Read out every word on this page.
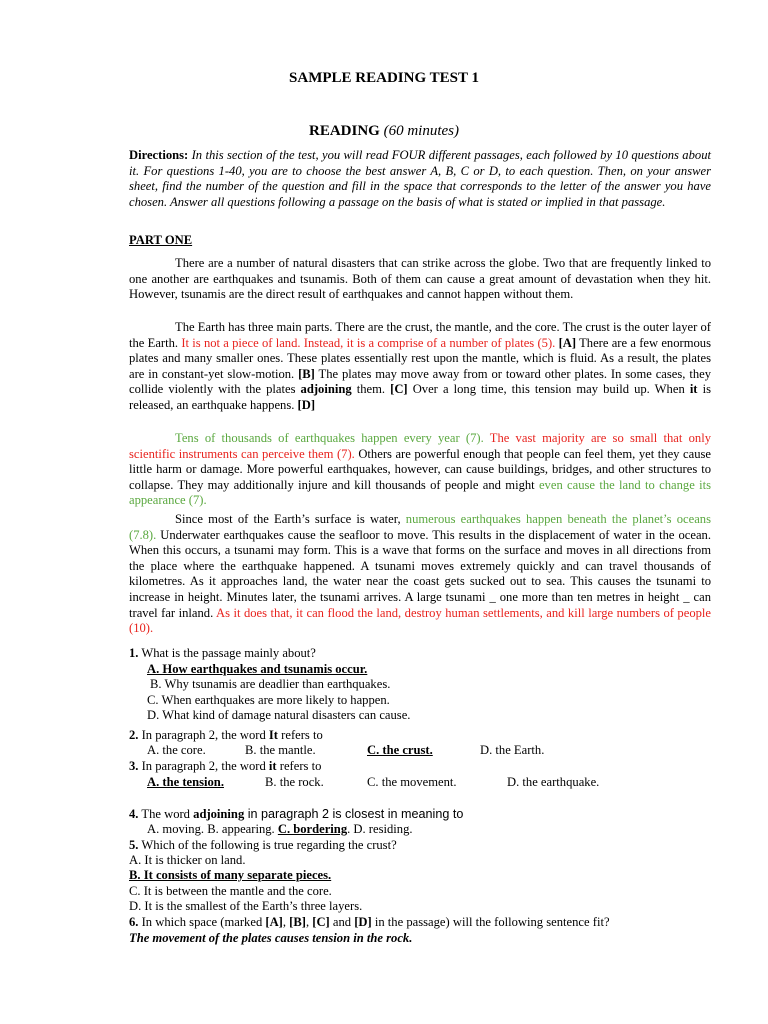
SAMPLE READING TEST 1
READING (60 minutes)
Directions: In this section of the test, you will read FOUR different passages, each followed by 10 questions about it. For questions 1-40, you are to choose the best answer A, B, C or D, to each question. Then, on your answer sheet, find the number of the question and fill in the space that corresponds to the letter of the answer you have chosen. Answer all questions following a passage on the basis of what is stated or implied in that passage.
PART ONE
There are a number of natural disasters that can strike across the globe. Two that are frequently linked to one another are earthquakes and tsunamis. Both of them can cause a great amount of devastation when they hit. However, tsunamis are the direct result of earthquakes and cannot happen without them.
The Earth has three main parts. There are the crust, the mantle, and the core. The crust is the outer layer of the Earth. It is not a piece of land. Instead, it is a comprise of a number of plates (5). [A] There are a few enormous plates and many smaller ones. These plates essentially rest upon the mantle, which is fluid. As a result, the plates are in constant-yet slow-motion. [B] The plates may move away from or toward other plates. In some cases, they collide violently with the plates adjoining them. [C] Over a long time, this tension may build up. When it is released, an earthquake happens. [D]
Tens of thousands of earthquakes happen every year (7). The vast majority are so small that only scientific instruments can perceive them (7). Others are powerful enough that people can feel them, yet they cause little harm or damage. More powerful earthquakes, however, can cause buildings, bridges, and other structures to collapse. They may additionally injure and kill thousands of people and might even cause the land to change its appearance (7).
Since most of the Earth’s surface is water, numerous earthquakes happen beneath the planet’s oceans (7.8). Underwater earthquakes cause the seafloor to move. This results in the displacement of water in the ocean. When this occurs, a tsunami may form. This is a wave that forms on the surface and moves in all directions from the place where the earthquake happened. A tsunami moves extremely quickly and can travel thousands of kilometres. As it approaches land, the water near the coast gets sucked out to sea. This causes the tsunami to increase in height. Minutes later, the tsunami arrives. A large tsunami _ one more than ten metres in height _ can travel far inland. As it does that, it can flood the land, destroy human settlements, and kill large numbers of people (10).
1. What is the passage mainly about?
A. How earthquakes and tsunamis occur.
B. Why tsunamis are deadlier than earthquakes.
C. When earthquakes are more likely to happen.
D. What kind of damage natural disasters can cause.
2. In paragraph 2, the word It refers to
A. the core.	B. the mantle.	C. the crust.	D. the Earth.
3. In paragraph 2, the word it refers to
A. the tension.	B. the rock.	C. the movement.	D. the earthquake.
4. The word adjoining in paragraph 2 is closest in meaning to
A. moving. B. appearing. C. bordering. D. residing.
5. Which of the following is true regarding the crust?
A. It is thicker on land.
B. It consists of many separate pieces.
C. It is between the mantle and the core.
D. It is the smallest of the Earth’s three layers.
6. In which space (marked [A], [B], [C] and [D] in the passage) will the following sentence fit?
The movement of the plates causes tension in the rock.
